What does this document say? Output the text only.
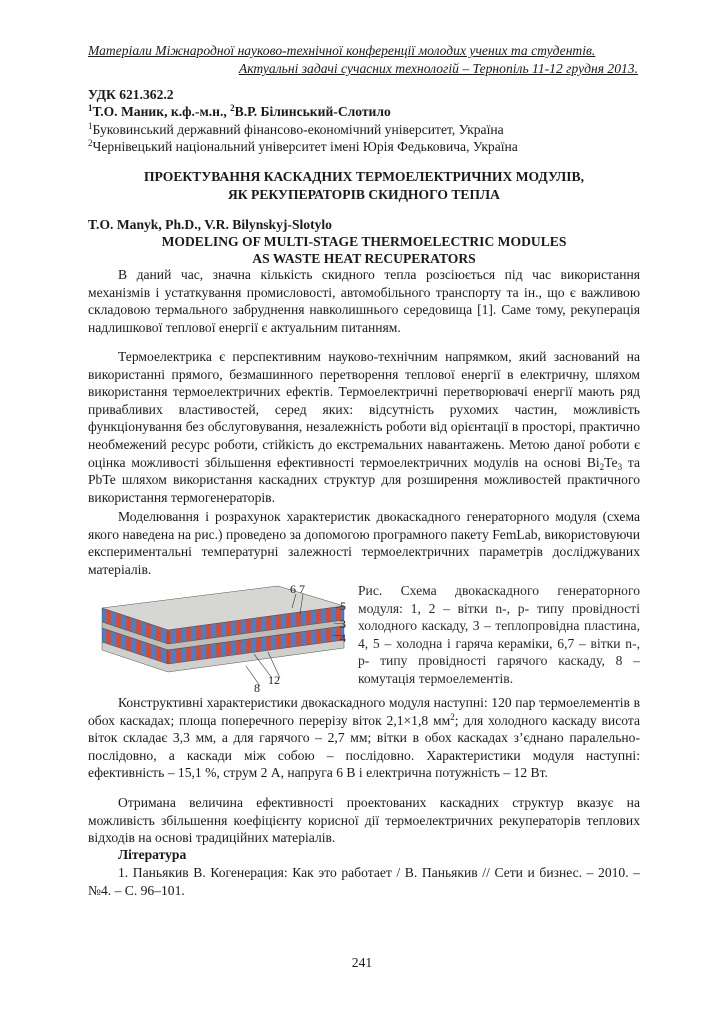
Матеріали Міжнародної науково-технічної конференції молодих учених та студентів.
Актуальні задачі сучасних технологій – Тернопіль 11-12 грудня 2013.
УДК 621.362.2
$^1$Т.О. Маник, к.ф.-м.н., $^2$В.Р. Білинський-Слотило
$^1$Буковинський державний фінансово-економічний університет, Україна
$^2$Чернівецький національний університет імені Юрія Федьковича, Україна
ПРОЕКТУВАННЯ КАСКАДНИХ ТЕРМОЕЛЕКТРИЧНИХ МОДУЛІВ,
ЯК РЕКУПЕРАТОРІВ СКИДНОГО ТЕПЛА
T.O. Manyk, Ph.D., V.R. Bilynskyj-Slotylo
MODELING OF MULTI-STAGE THERMOELECTRIC MODULES
AS WASTE HEAT RECUPERATORS
В даний час, значна кількість скидного тепла розсіюється під час використання механізмів і устаткування промисловості, автомобільного транспорту та ін., що є важливою складовою термального забруднення навколишнього середовища [1]. Саме тому, рекуперація надлишкової теплової енергії є актуальним питанням.
Термоелектрика є перспективним науково-технічним напрямком, який заснований на використанні прямого, безмашинного перетворення теплової енергії в електричну, шляхом використання термоелектричних ефектів. Термоелектричні перетворювачі енергії мають ряд привабливих властивостей, серед яких: відсутність рухомих частин, можливість функціонування без обслуговування, незалежність роботи від орієнтації в просторі, практично необмежений ресурс роботи, стійкість до екстремальних навантажень. Метою даної роботи є оцінка можливості збільшення ефективності термоелектричних модулів на основі $Bi_2Te_3$ та PbTe шляхом використання каскадних структур для розширення можливостей практичного використання термогенераторів.
Моделювання і розрахунок характеристик двокаскадного генераторного модуля (схема якого наведена на рис.) проведено за допомогою програмного пакету FemLab, використовуючи експериментальні температурні залежності термоелектричних параметрів досліджуваних матеріалів.
6 7
5
3
4
12
8
Рис. Схема двокаскадного генераторного модуля: 1, 2 – вітки n-, p- типу провідності холодного каскаду, 3 – теплопровідна пластина, 4, 5 – холодна і гаряча кераміки, 6,7 – вітки n-, p- типу провідності гарячого каскаду, 8 – комутація термоелементів.
Конструктивні характеристики двокаскадного модуля наступні: 120 пар термоелементів в обох каскадах; площа поперечного перерізу віток 2,1×1,8 $мм^2$; для холодного каскаду висота віток складає 3,3 мм, а для гарячого – 2,7 мм; вітки в обох каскадах з’єднано паралельно-послідовно, а каскади між собою – послідовно. Характеристики модуля наступні: ефективність – 15,1 %, струм 2 А, напруга 6 В і електрична потужність – 12 Вт.
Отримана величина ефективності проектованих каскадних структур вказує на можливість збільшення коефіцієнту корисної дії термоелектричних рекуператорів теплових відходів на основі традиційних матеріалів.
Література
1. Паньякив В. Когенерация: Как это работает / В. Паньякив // Сети и бизнес. – 2010. – №4. – С. 96–101.
241
